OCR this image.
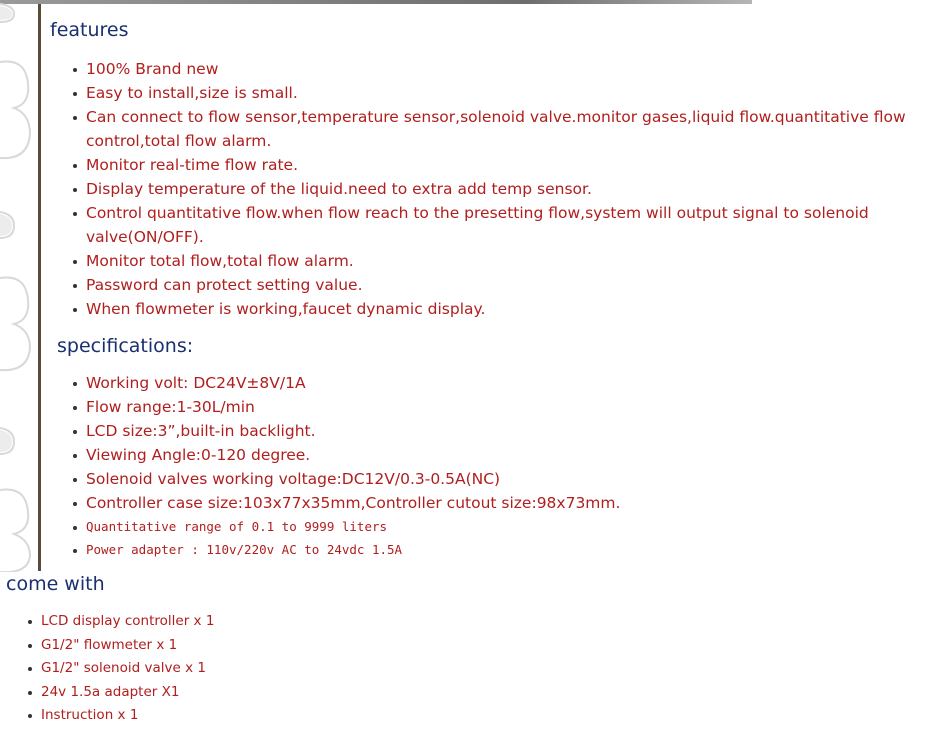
features
100% Brand new
Easy to install,size is small.
Can connect to flow sensor,temperature sensor,solenoid valve.monitor gases,liquid flow.quantitative flow control,total flow alarm.
Monitor real-time flow rate.
Display temperature of the liquid.need to extra add temp sensor.
Control quantitative flow.when flow reach to the presetting flow,system will output signal to solenoid valve(ON/OFF).
Monitor total flow,total flow alarm.
Password can protect setting value.
When flowmeter is working,faucet dynamic display.
specifications:
Working volt: DC24V±8V/1A
Flow range:1-30L/min
LCD size:3”,built-in backlight.
Viewing Angle:0-120 degree.
Solenoid valves working voltage:DC12V/0.3-0.5A(NC)
Controller case size:103x77x35mm,Controller cutout size:98x73mm.
Quantitative range of 0.1 to 9999 liters
Power adapter : 110v/220v AC to 24vdc 1.5A
come with
LCD display controller x 1
G1/2" flowmeter x 1
G1/2" solenoid valve x 1
24v 1.5a adapter X1
Instruction x 1
